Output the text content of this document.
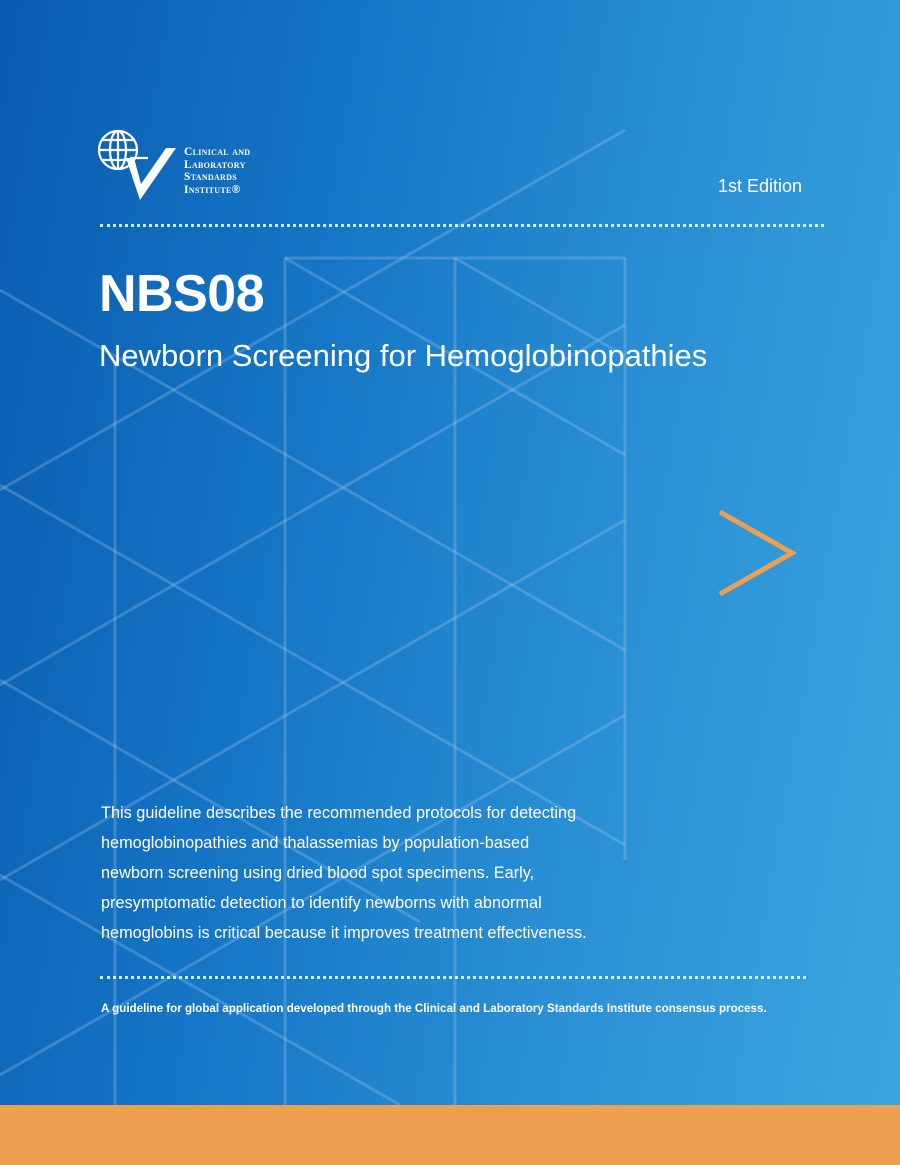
Clinical and
Laboratory
Standards
Institute®	1st Edition
NBS08
Newborn Screening for Hemoglobinopathies

This guideline describes the recommended protocols for detecting hemoglobinopathies and thalassemias by population-based newborn screening using dried blood spot specimens. Early, presymptomatic detection to identify newborns with abnormal hemoglobins is critical because it improves treatment effectiveness.

A guideline for global application developed through the Clinical and Laboratory Standards Institute consensus process.
